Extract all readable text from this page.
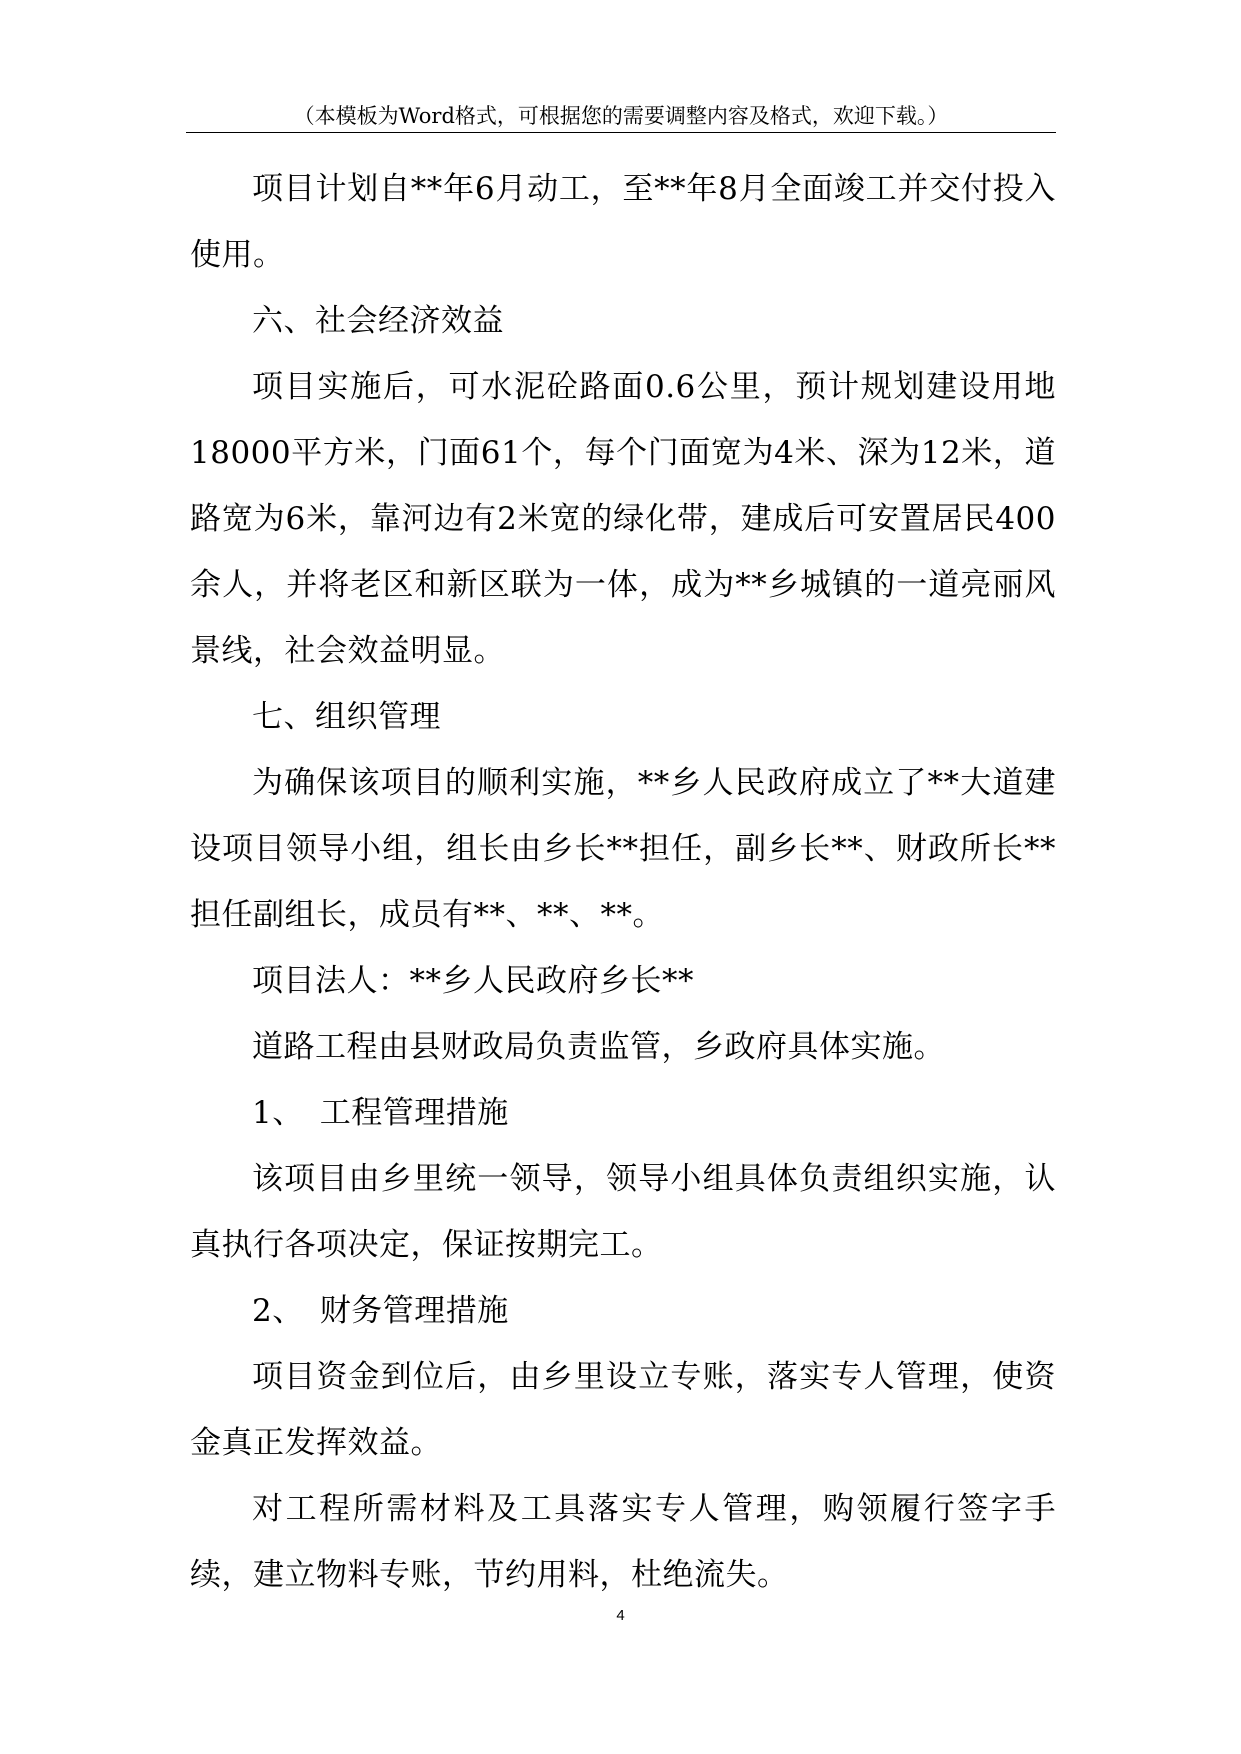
（本模板为Word格式，可根据您的需要调整内容及格式，欢迎下载。）

项目计划自**年6月动工，至**年8月全面竣工并交付投入使用。

六、社会经济效益

项目实施后，可水泥砼路面0.6公里，预计规划建设用地18000平方米，门面61个，每个门面宽为4米、深为12米，道路宽为6米，靠河边有2米宽的绿化带，建成后可安置居民400余人，并将老区和新区联为一体，成为**乡城镇的一道亮丽风景线，社会效益明显。

七、组织管理

为确保该项目的顺利实施，**乡人民政府成立了**大道建设项目领导小组，组长由乡长**担任，副乡长**、财政所长**担任副组长，成员有**、**、**。

项目法人：**乡人民政府乡长**

道路工程由县财政局负责监管，乡政府具体实施。

1、　工程管理措施

该项目由乡里统一领导，领导小组具体负责组织实施，认真执行各项决定，保证按期完工。

2、　财务管理措施

项目资金到位后，由乡里设立专账，落实专人管理，使资金真正发挥效益。

对工程所需材料及工具落实专人管理，购领履行签字手续，建立物料专账，节约用料，杜绝流失。

4
